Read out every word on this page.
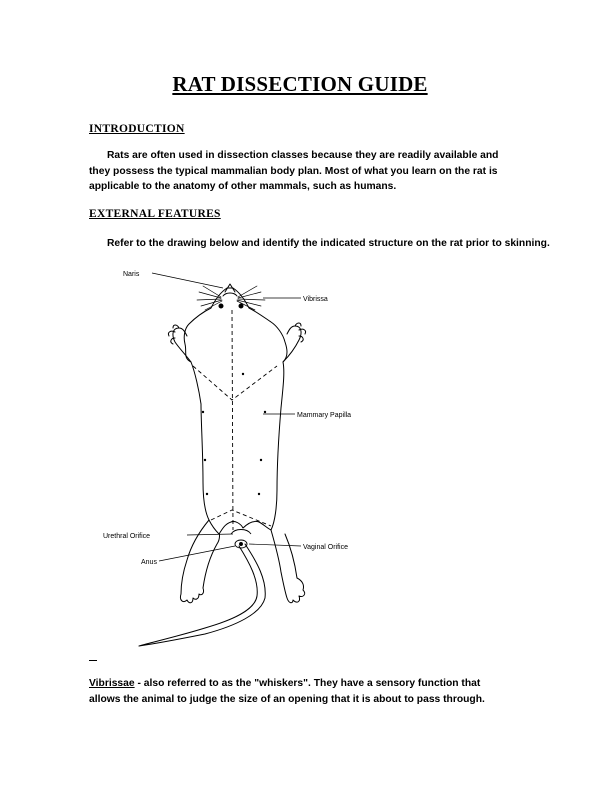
RAT DISSECTION GUIDE
INTRODUCTION

Rats are often used in dissection classes because they are readily available and they possess the typical mammalian body plan. Most of what you learn on the rat is applicable to the anatomy of other mammals, such as humans.

EXTERNAL FEATURES

Refer to the drawing below and identify the indicated structure on the rat prior to skinning.

Naris
Vibrissa
Mammary Papilla
Urethral Orifice
Vaginal Orifice
Anus

Vibrissae - also referred to as the "whiskers". They have a sensory function that allows the animal to judge the size of an opening that it is about to pass through.
